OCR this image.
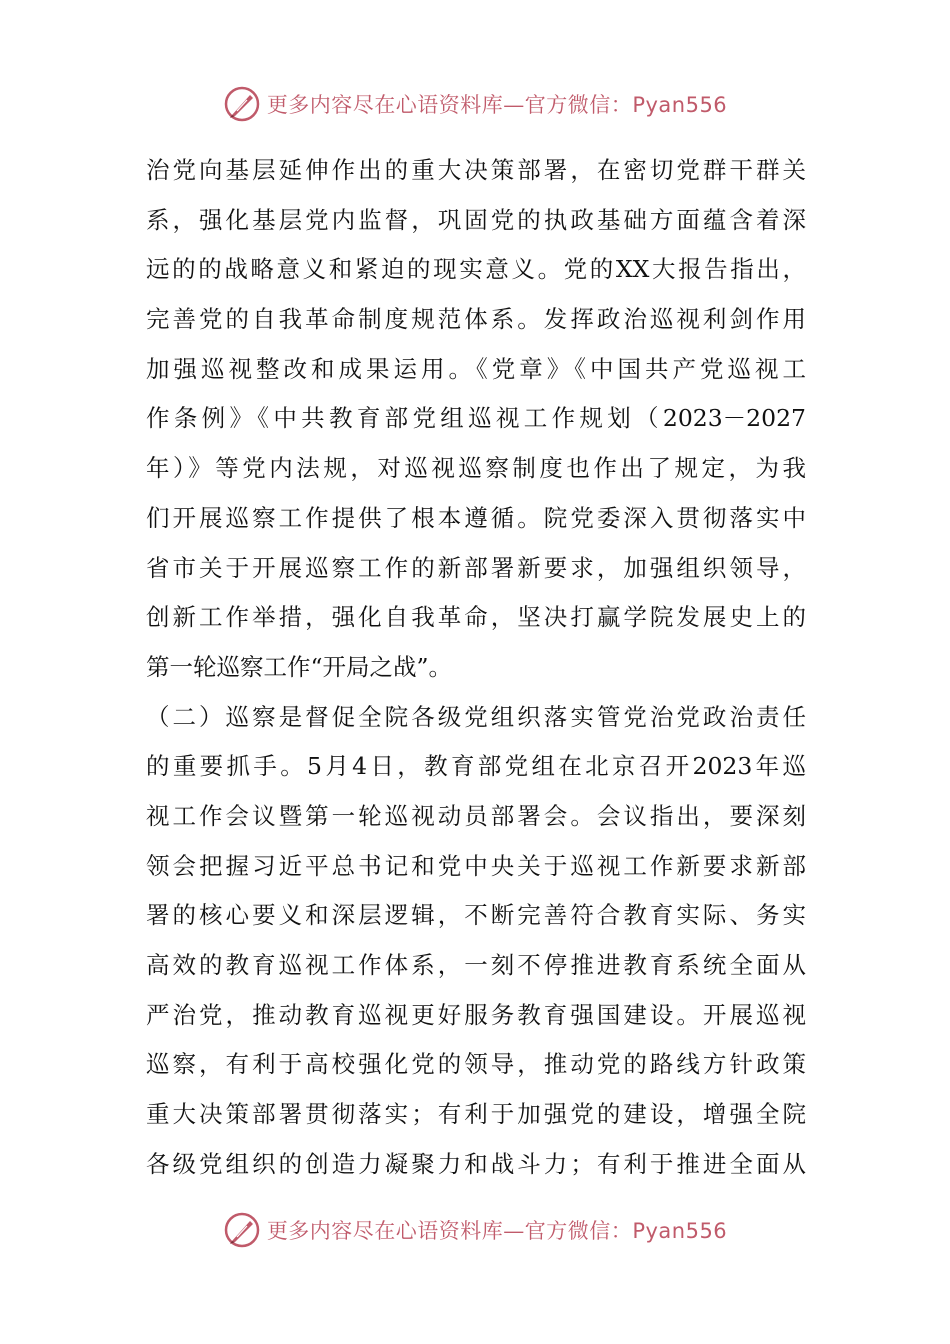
更多内容尽在心语资料库—官方微信：Pyan556
治党向基层延伸作出的重大决策部署，在密切党群干群关
系，强化基层党内监督，巩固党的执政基础方面蕴含着深
远的的战略意义和紧迫的现实意义。党的XX大报告指出，
完善党的自我革命制度规范体系。发挥政治巡视利剑作用
加强巡视整改和成果运用。《党章》《中国共产党巡视工
作条例》《中共教育部党组巡视工作规划（2023－2027
年）》等党内法规，对巡视巡察制度也作出了规定，为我
们开展巡察工作提供了根本遵循。院党委深入贯彻落实中
省市关于开展巡察工作的新部署新要求，加强组织领导，
创新工作举措，强化自我革命，坚决打赢学院发展史上的
第一轮巡察工作“开局之战”。
（二）巡察是督促全院各级党组织落实管党治党政治责任
的重要抓手。5月4日，教育部党组在北京召开2023年巡
视工作会议暨第一轮巡视动员部署会。会议指出，要深刻
领会把握习近平总书记和党中央关于巡视工作新要求新部
署的核心要义和深层逻辑，不断完善符合教育实际、务实
高效的教育巡视工作体系，一刻不停推进教育系统全面从
严治党，推动教育巡视更好服务教育强国建设。开展巡视
巡察，有利于高校强化党的领导，推动党的路线方针政策
重大决策部署贯彻落实；有利于加强党的建设，增强全院
各级党组织的创造力凝聚力和战斗力；有利于推进全面从
更多内容尽在心语资料库—官方微信：Pyan556
